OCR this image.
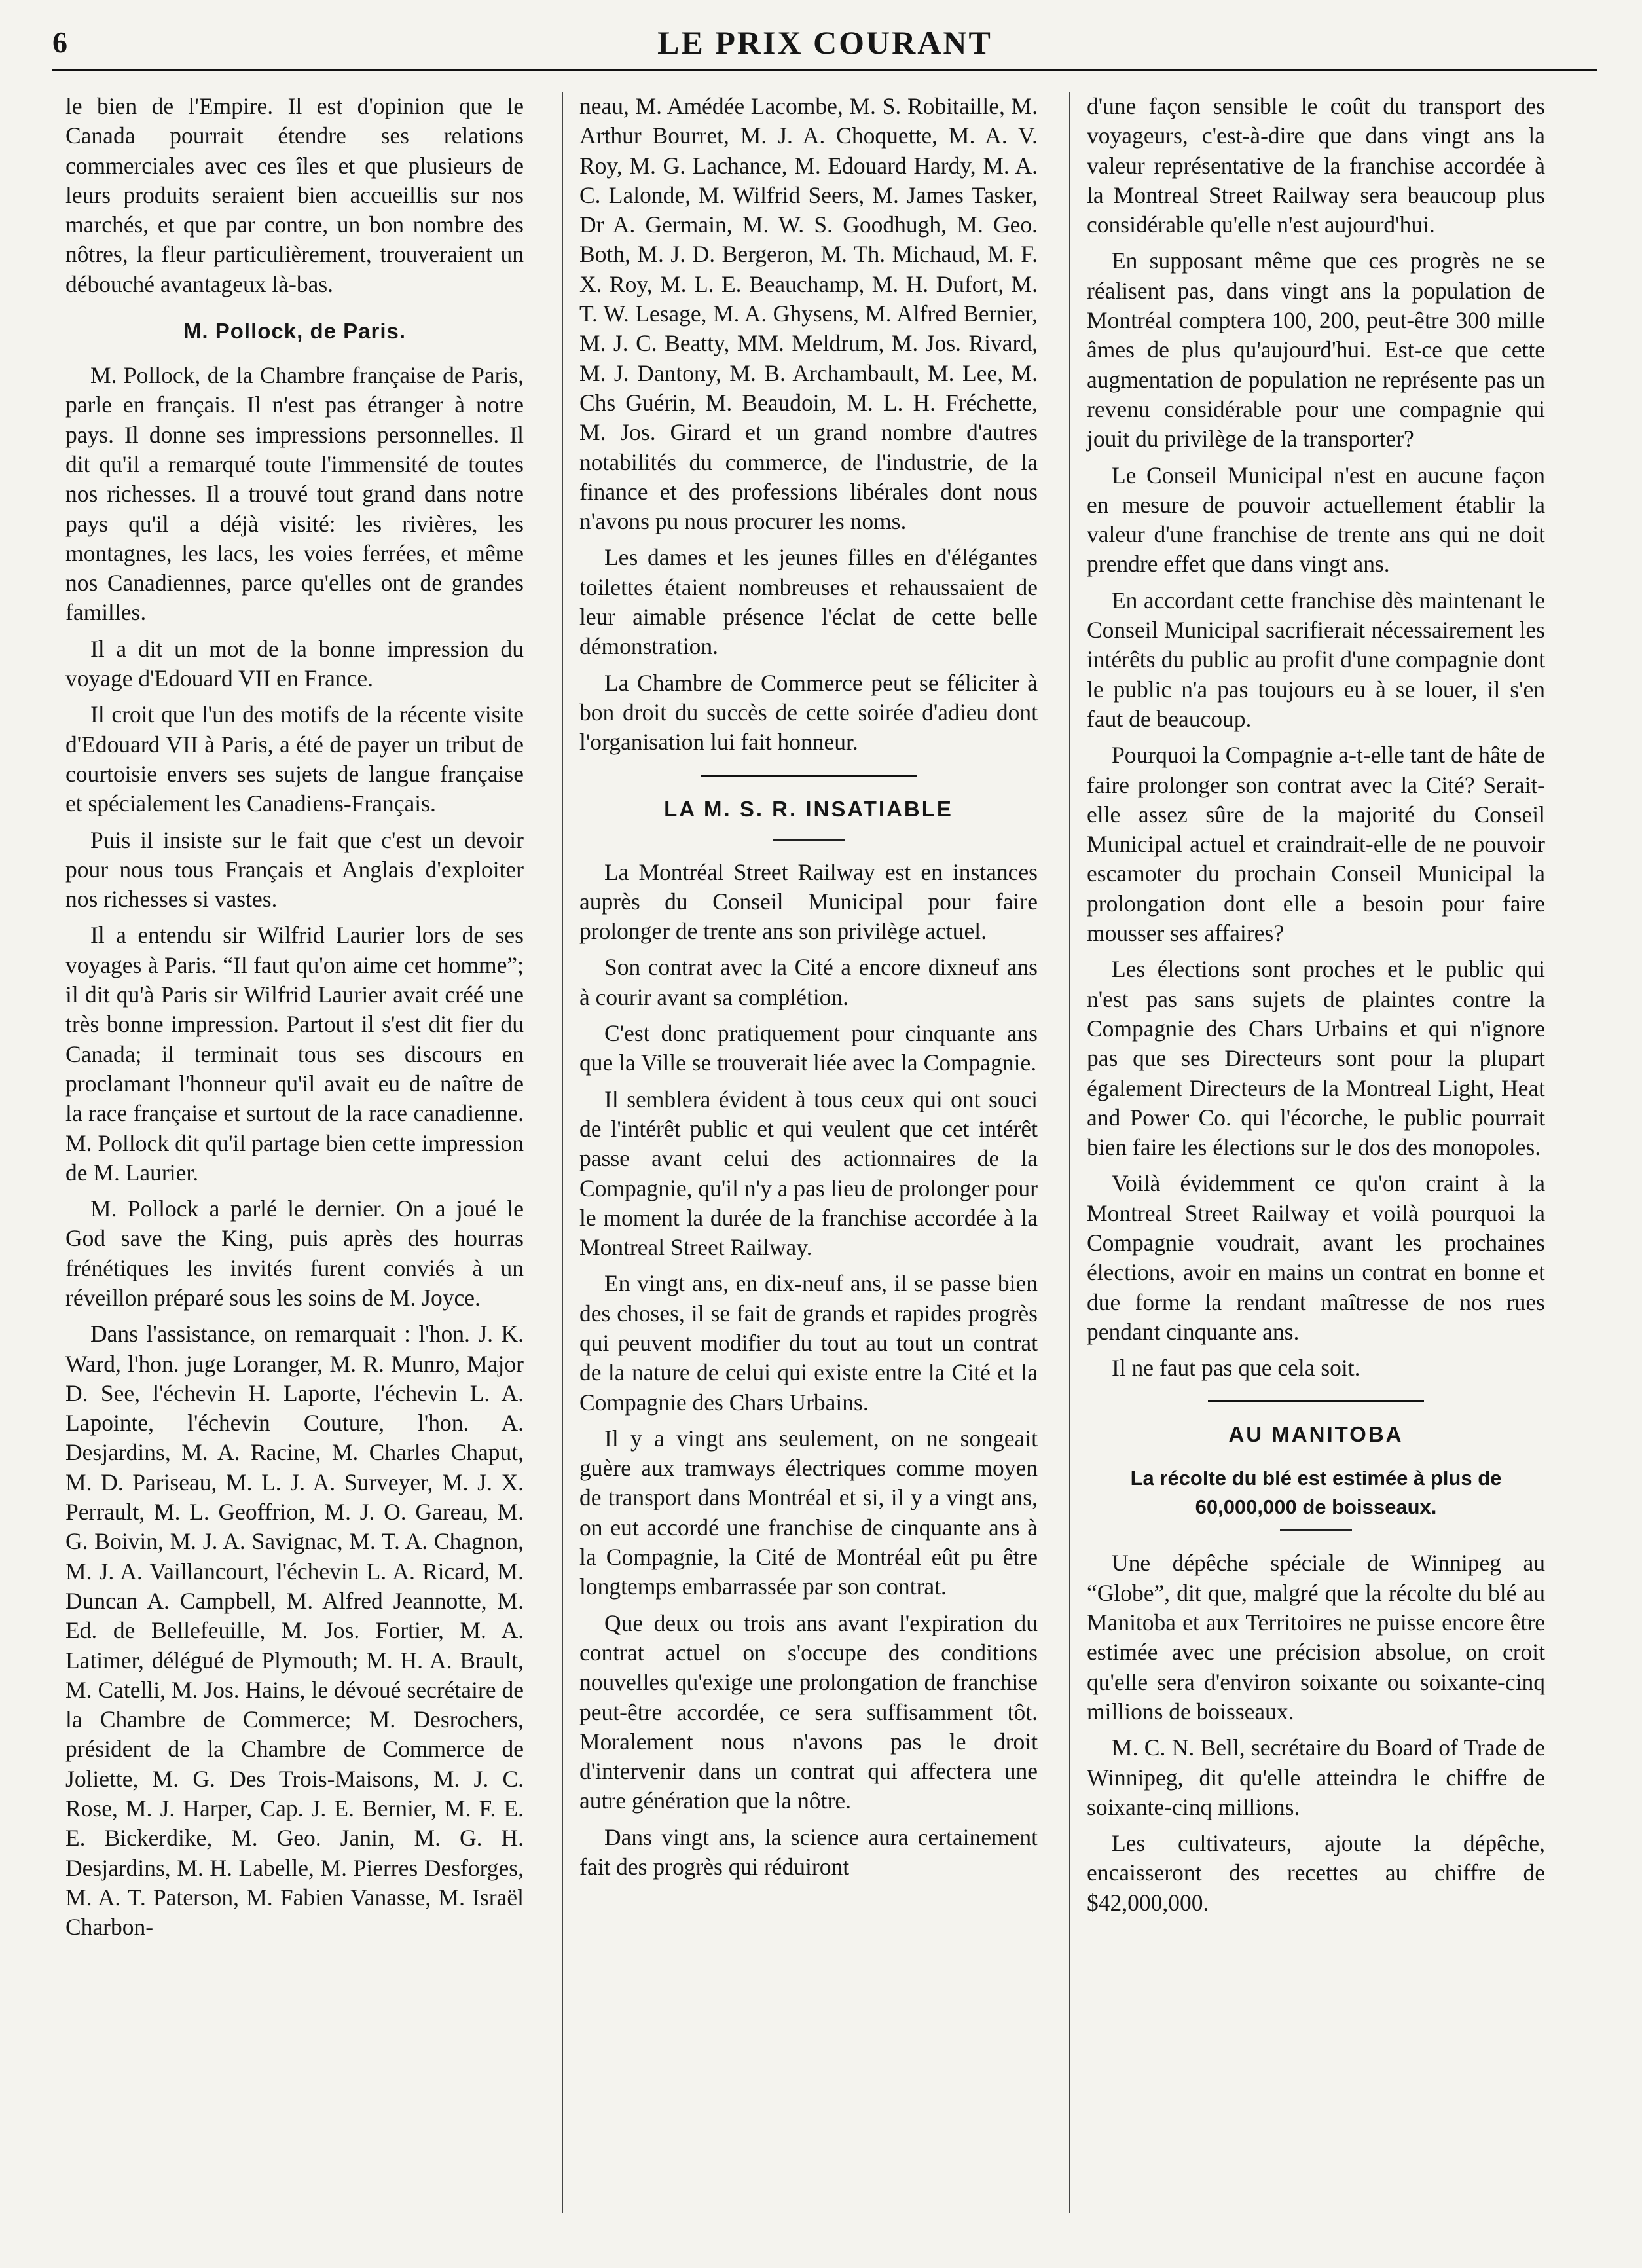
6	LE PRIX COURANT

le bien de l'Empire. Il est d'opinion que le Canada pourrait étendre ses relations commerciales avec ces îles et que plusieurs de leurs produits seraient bien accueillis sur nos marchés, et que par contre, un bon nombre des nôtres, la fleur particulièrement, trouveraient un débouché avantageux là-bas.

M. Pollock, de Paris.

M. Pollock, de la Chambre française de Paris, parle en français. Il n'est pas étranger à notre pays. Il donne ses impressions personnelles. Il dit qu'il a remarqué toute l'immensité de toutes nos richesses. Il a trouvé tout grand dans notre pays qu'il a déjà visité: les rivières, les montagnes, les lacs, les voies ferrées, et même nos Canadiennes, parce qu'elles ont de grandes familles.

Il a dit un mot de la bonne impression du voyage d'Edouard VII en France.

Il croit que l'un des motifs de la récente visite d'Edouard VII à Paris, a été de payer un tribut de courtoisie envers ses sujets de langue française et spécialement les Canadiens-Français.

Puis il insiste sur le fait que c'est un devoir pour nous tous Français et Anglais d'exploiter nos richesses si vastes.

Il a entendu sir Wilfrid Laurier lors de ses voyages à Paris. “Il faut qu'on aime cet homme”; il dit qu'à Paris sir Wilfrid Laurier avait créé une très bonne impression. Partout il s'est dit fier du Canada; il terminait tous ses discours en proclamant l'honneur qu'il avait eu de naître de la race française et surtout de la race canadienne. M. Pollock dit qu'il partage bien cette impression de M. Laurier.

M. Pollock a parlé le dernier. On a joué le God save the King, puis après des hourras frénétiques les invités furent conviés à un réveillon préparé sous les soins de M. Joyce.

Dans l'assistance, on remarquait : l'hon. J. K. Ward, l'hon. juge Loranger, M. R. Munro, Major D. See, l'échevin H. Laporte, l'échevin L. A. Lapointe, l'échevin Couture, l'hon. A. Desjardins, M. A. Racine, M. Charles Chaput, M. D. Pariseau, M. L. J. A. Surveyer, M. J. X. Perrault, M. L. Geoffrion, M. J. O. Gareau, M. G. Boivin, M. J. A. Savignac, M. T. A. Chagnon, M. J. A. Vaillancourt, l'échevin L. A. Ricard, M. Duncan A. Campbell, M. Alfred Jeannotte, M. Ed. de Bellefeuille, M. Jos. Fortier, M. A. Latimer, délégué de Plymouth; M. H. A. Brault, M. Catelli, M. Jos. Hains, le dévoué secrétaire de la Chambre de Commerce; M. Desrochers, président de la Chambre de Commerce de Joliette, M. G. Des Trois-Maisons, M. J. C. Rose, M. J. Harper, Cap. J. E. Bernier, M. F. E. E. Bickerdike, M. Geo. Janin, M. G. H. Desjardins, M. H. Labelle, M. Pierres Desforges, M. A. T. Paterson, M. Fabien Vanasse, M. Israël Charbon-

neau, M. Amédée Lacombe, M. S. Robitaille, M. Arthur Bourret, M. J. A. Choquette, M. A. V. Roy, M. G. Lachance, M. Edouard Hardy, M. A. C. Lalonde, M. Wilfrid Seers, M. James Tasker, Dr A. Germain, M. W. S. Goodhugh, M. Geo. Both, M. J. D. Bergeron, M. Th. Michaud, M. F. X. Roy, M. L. E. Beauchamp, M. H. Dufort, M. T. W. Lesage, M. A. Ghysens, M. Alfred Bernier, M. J. C. Beatty, MM. Meldrum, M. Jos. Rivard, M. J. Dantony, M. B. Archambault, M. Lee, M. Chs Guérin, M. Beaudoin, M. L. H. Fréchette, M. Jos. Girard et un grand nombre d'autres notabilités du commerce, de l'industrie, de la finance et des professions libérales dont nous n'avons pu nous procurer les noms.

Les dames et les jeunes filles en d'élégantes toilettes étaient nombreuses et rehaussaient de leur aimable présence l'éclat de cette belle démonstration.

La Chambre de Commerce peut se féliciter à bon droit du succès de cette soirée d'adieu dont l'organisation lui fait honneur.

LA M. S. R. INSATIABLE

La Montréal Street Railway est en instances auprès du Conseil Municipal pour faire prolonger de trente ans son privilège actuel.

Son contrat avec la Cité a encore dixneuf ans à courir avant sa complétion.

C'est donc pratiquement pour cinquante ans que la Ville se trouverait liée avec la Compagnie.

Il semblera évident à tous ceux qui ont souci de l'intérêt public et qui veulent que cet intérêt passe avant celui des actionnaires de la Compagnie, qu'il n'y a pas lieu de prolonger pour le moment la durée de la franchise accordée à la Montreal Street Railway.

En vingt ans, en dix-neuf ans, il se passe bien des choses, il se fait de grands et rapides progrès qui peuvent modifier du tout au tout un contrat de la nature de celui qui existe entre la Cité et la Compagnie des Chars Urbains.

Il y a vingt ans seulement, on ne songeait guère aux tramways électriques comme moyen de transport dans Montréal et si, il y a vingt ans, on eut accordé une franchise de cinquante ans à la Compagnie, la Cité de Montréal eût pu être longtemps embarrassée par son contrat.

Que deux ou trois ans avant l'expiration du contrat actuel on s'occupe des conditions nouvelles qu'exige une prolongation de franchise peut-être accordée, ce sera suffisamment tôt. Moralement nous n'avons pas le droit d'intervenir dans un contrat qui affectera une autre génération que la nôtre.

Dans vingt ans, la science aura certainement fait des progrès qui réduiront

d'une façon sensible le coût du transport des voyageurs, c'est-à-dire que dans vingt ans la valeur représentative de la franchise accordée à la Montreal Street Railway sera beaucoup plus considérable qu'elle n'est aujourd'hui.

En supposant même que ces progrès ne se réalisent pas, dans vingt ans la population de Montréal comptera 100, 200, peut-être 300 mille âmes de plus qu'aujourd'hui. Est-ce que cette augmentation de population ne représente pas un revenu considérable pour une compagnie qui jouit du privilège de la transporter?

Le Conseil Municipal n'est en aucune façon en mesure de pouvoir actuellement établir la valeur d'une franchise de trente ans qui ne doit prendre effet que dans vingt ans.

En accordant cette franchise dès maintenant le Conseil Municipal sacrifierait nécessairement les intérêts du public au profit d'une compagnie dont le public n'a pas toujours eu à se louer, il s'en faut de beaucoup.

Pourquoi la Compagnie a-t-elle tant de hâte de faire prolonger son contrat avec la Cité? Serait-elle assez sûre de la majorité du Conseil Municipal actuel et craindrait-elle de ne pouvoir escamoter du prochain Conseil Municipal la prolongation dont elle a besoin pour faire mousser ses affaires?

Les élections sont proches et le public qui n'est pas sans sujets de plaintes contre la Compagnie des Chars Urbains et qui n'ignore pas que ses Directeurs sont pour la plupart également Directeurs de la Montreal Light, Heat and Power Co. qui l'écorche, le public pourrait bien faire les élections sur le dos des monopoles.

Voilà évidemment ce qu'on craint à la Montreal Street Railway et voilà pourquoi la Compagnie voudrait, avant les prochaines élections, avoir en mains un contrat en bonne et due forme la rendant maîtresse de nos rues pendant cinquante ans.

Il ne faut pas que cela soit.

AU MANITOBA
La récolte du blé est estimée à plus de 60,000,000 de boisseaux.

Une dépêche spéciale de Winnipeg au “Globe”, dit que, malgré que la récolte du blé au Manitoba et aux Territoires ne puisse encore être estimée avec une précision absolue, on croit qu'elle sera d'environ soixante ou soixante-cinq millions de boisseaux.

M. C. N. Bell, secrétaire du Board of Trade de Winnipeg, dit qu'elle atteindra le chiffre de soixante-cinq millions.

Les cultivateurs, ajoute la dépêche, encaisseront des recettes au chiffre de $42,000,000.
